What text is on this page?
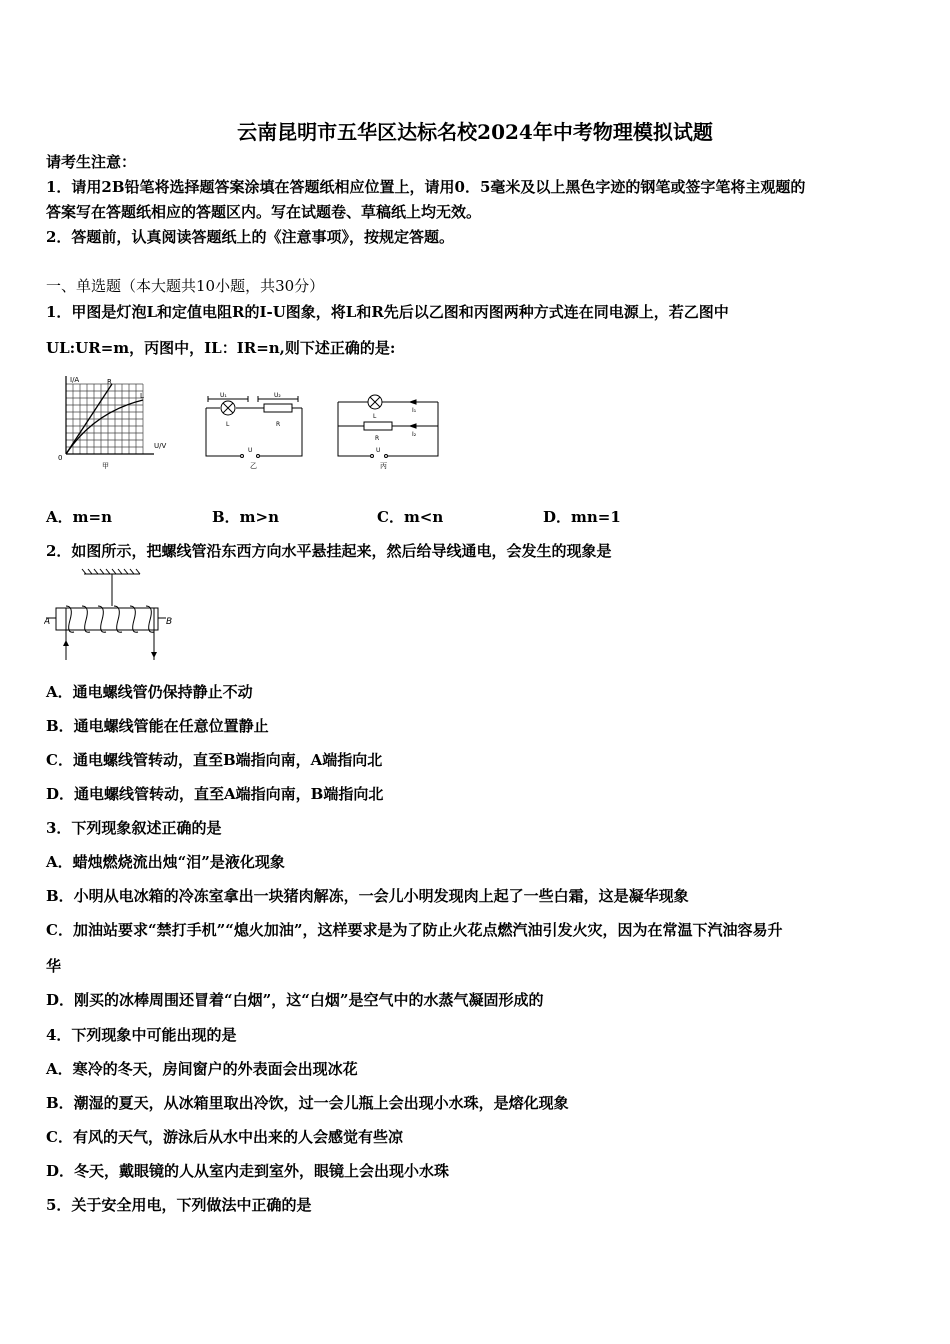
云南昆明市五华区达标名校2024年中考物理模拟试题
请考生注意：
1．请用2B铅笔将选择题答案涂填在答题纸相应位置上，请用0．5毫米及以上黑色字迹的钢笔或签字笔将主观题的
答案写在答题纸相应的答题区内。写在试题卷、草稿纸上均无效。
2．答题前，认真阅读答题纸上的《注意事项》，按规定答题。
一、单选题（本大题共10小题，共30分）
1．甲图是灯泡L和定值电阻R的I-U图象，将L和R先后以乙图和丙图两种方式连在同电源上，若乙图中
UL:UR=m，丙图中，IL：IR=n,则下述正确的是:
I/A
U/V
R
L
0
甲
U₁	U₂
L	R
U
乙
L
R
I₁
I₂
U
丙
A．m=n	B．m>n	C．m<n	D．mn=1
2．如图所示，把螺线管沿东西方向水平悬挂起来，然后给导线通电，会发生的现象是
A	B
A．通电螺线管仍保持静止不动
B．通电螺线管能在任意位置静止
C．通电螺线管转动，直至B端指向南，A端指向北
D．通电螺线管转动，直至A端指向南，B端指向北
3．下列现象叙述正确的是
A．蜡烛燃烧流出烛“泪”是液化现象
B．小明从电冰箱的冷冻室拿出一块猪肉解冻，一会儿小明发现肉上起了一些白霜，这是凝华现象
C．加油站要求“禁打手机”“熄火加油”，这样要求是为了防止火花点燃汽油引发火灾，因为在常温下汽油容易升
华
D．刚买的冰棒周围还冒着“白烟”，这“白烟”是空气中的水蒸气凝固形成的
4．下列现象中可能出现的是
A．寒冷的冬天，房间窗户的外表面会出现冰花
B．潮湿的夏天，从冰箱里取出冷饮，过一会儿瓶上会出现小水珠，是熔化现象
C．有风的天气，游泳后从水中出来的人会感觉有些凉
D．冬天，戴眼镜的人从室内走到室外，眼镜上会出现小水珠
5．关于安全用电，下列做法中正确的是
